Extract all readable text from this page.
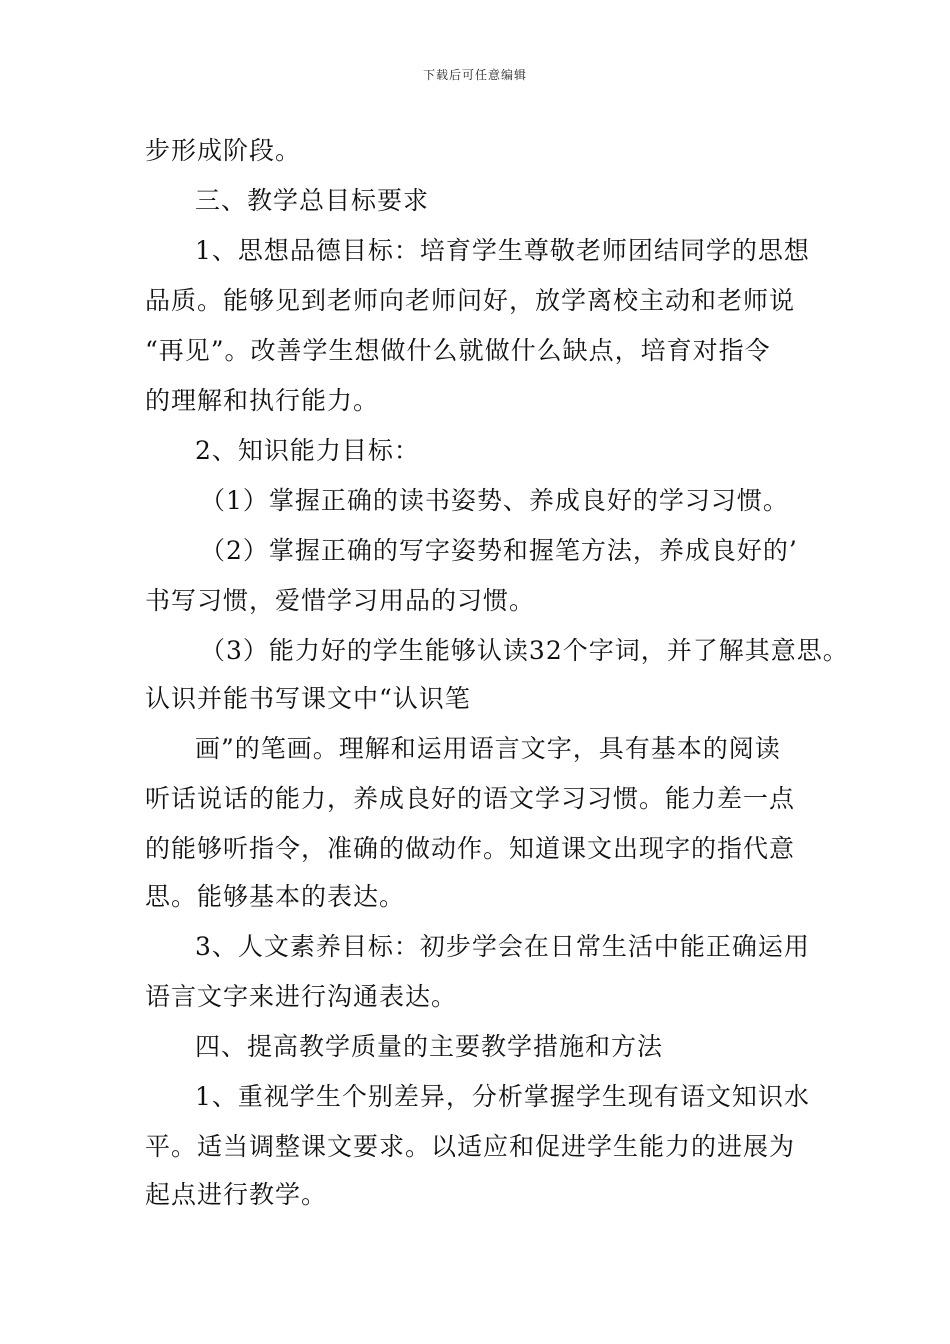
下载后可任意编辑
步形成阶段。
三、教学总目标要求
1、思想品德目标：培育学生尊敬老师团结同学的思想
品质。能够见到老师向老师问好，放学离校主动和老师说
“再见”。改善学生想做什么就做什么缺点，培育对指令
的理解和执行能力。
2、知识能力目标：
（1）掌握正确的读书姿势、养成良好的学习习惯。
（2）掌握正确的写字姿势和握笔方法，养成良好的’
书写习惯，爱惜学习用品的习惯。
（3）能力好的学生能够认读32个字词，并了解其意思。
认识并能书写课文中“认识笔
画”的笔画。理解和运用语言文字，具有基本的阅读
听话说话的能力，养成良好的语文学习习惯。能力差一点
的能够听指令，准确的做动作。知道课文出现字的指代意
思。能够基本的表达。
3、人文素养目标：初步学会在日常生活中能正确运用
语言文字来进行沟通表达。
四、提高教学质量的主要教学措施和方法
1、重视学生个别差异，分析掌握学生现有语文知识水
平。适当调整课文要求。以适应和促进学生能力的进展为
起点进行教学。
